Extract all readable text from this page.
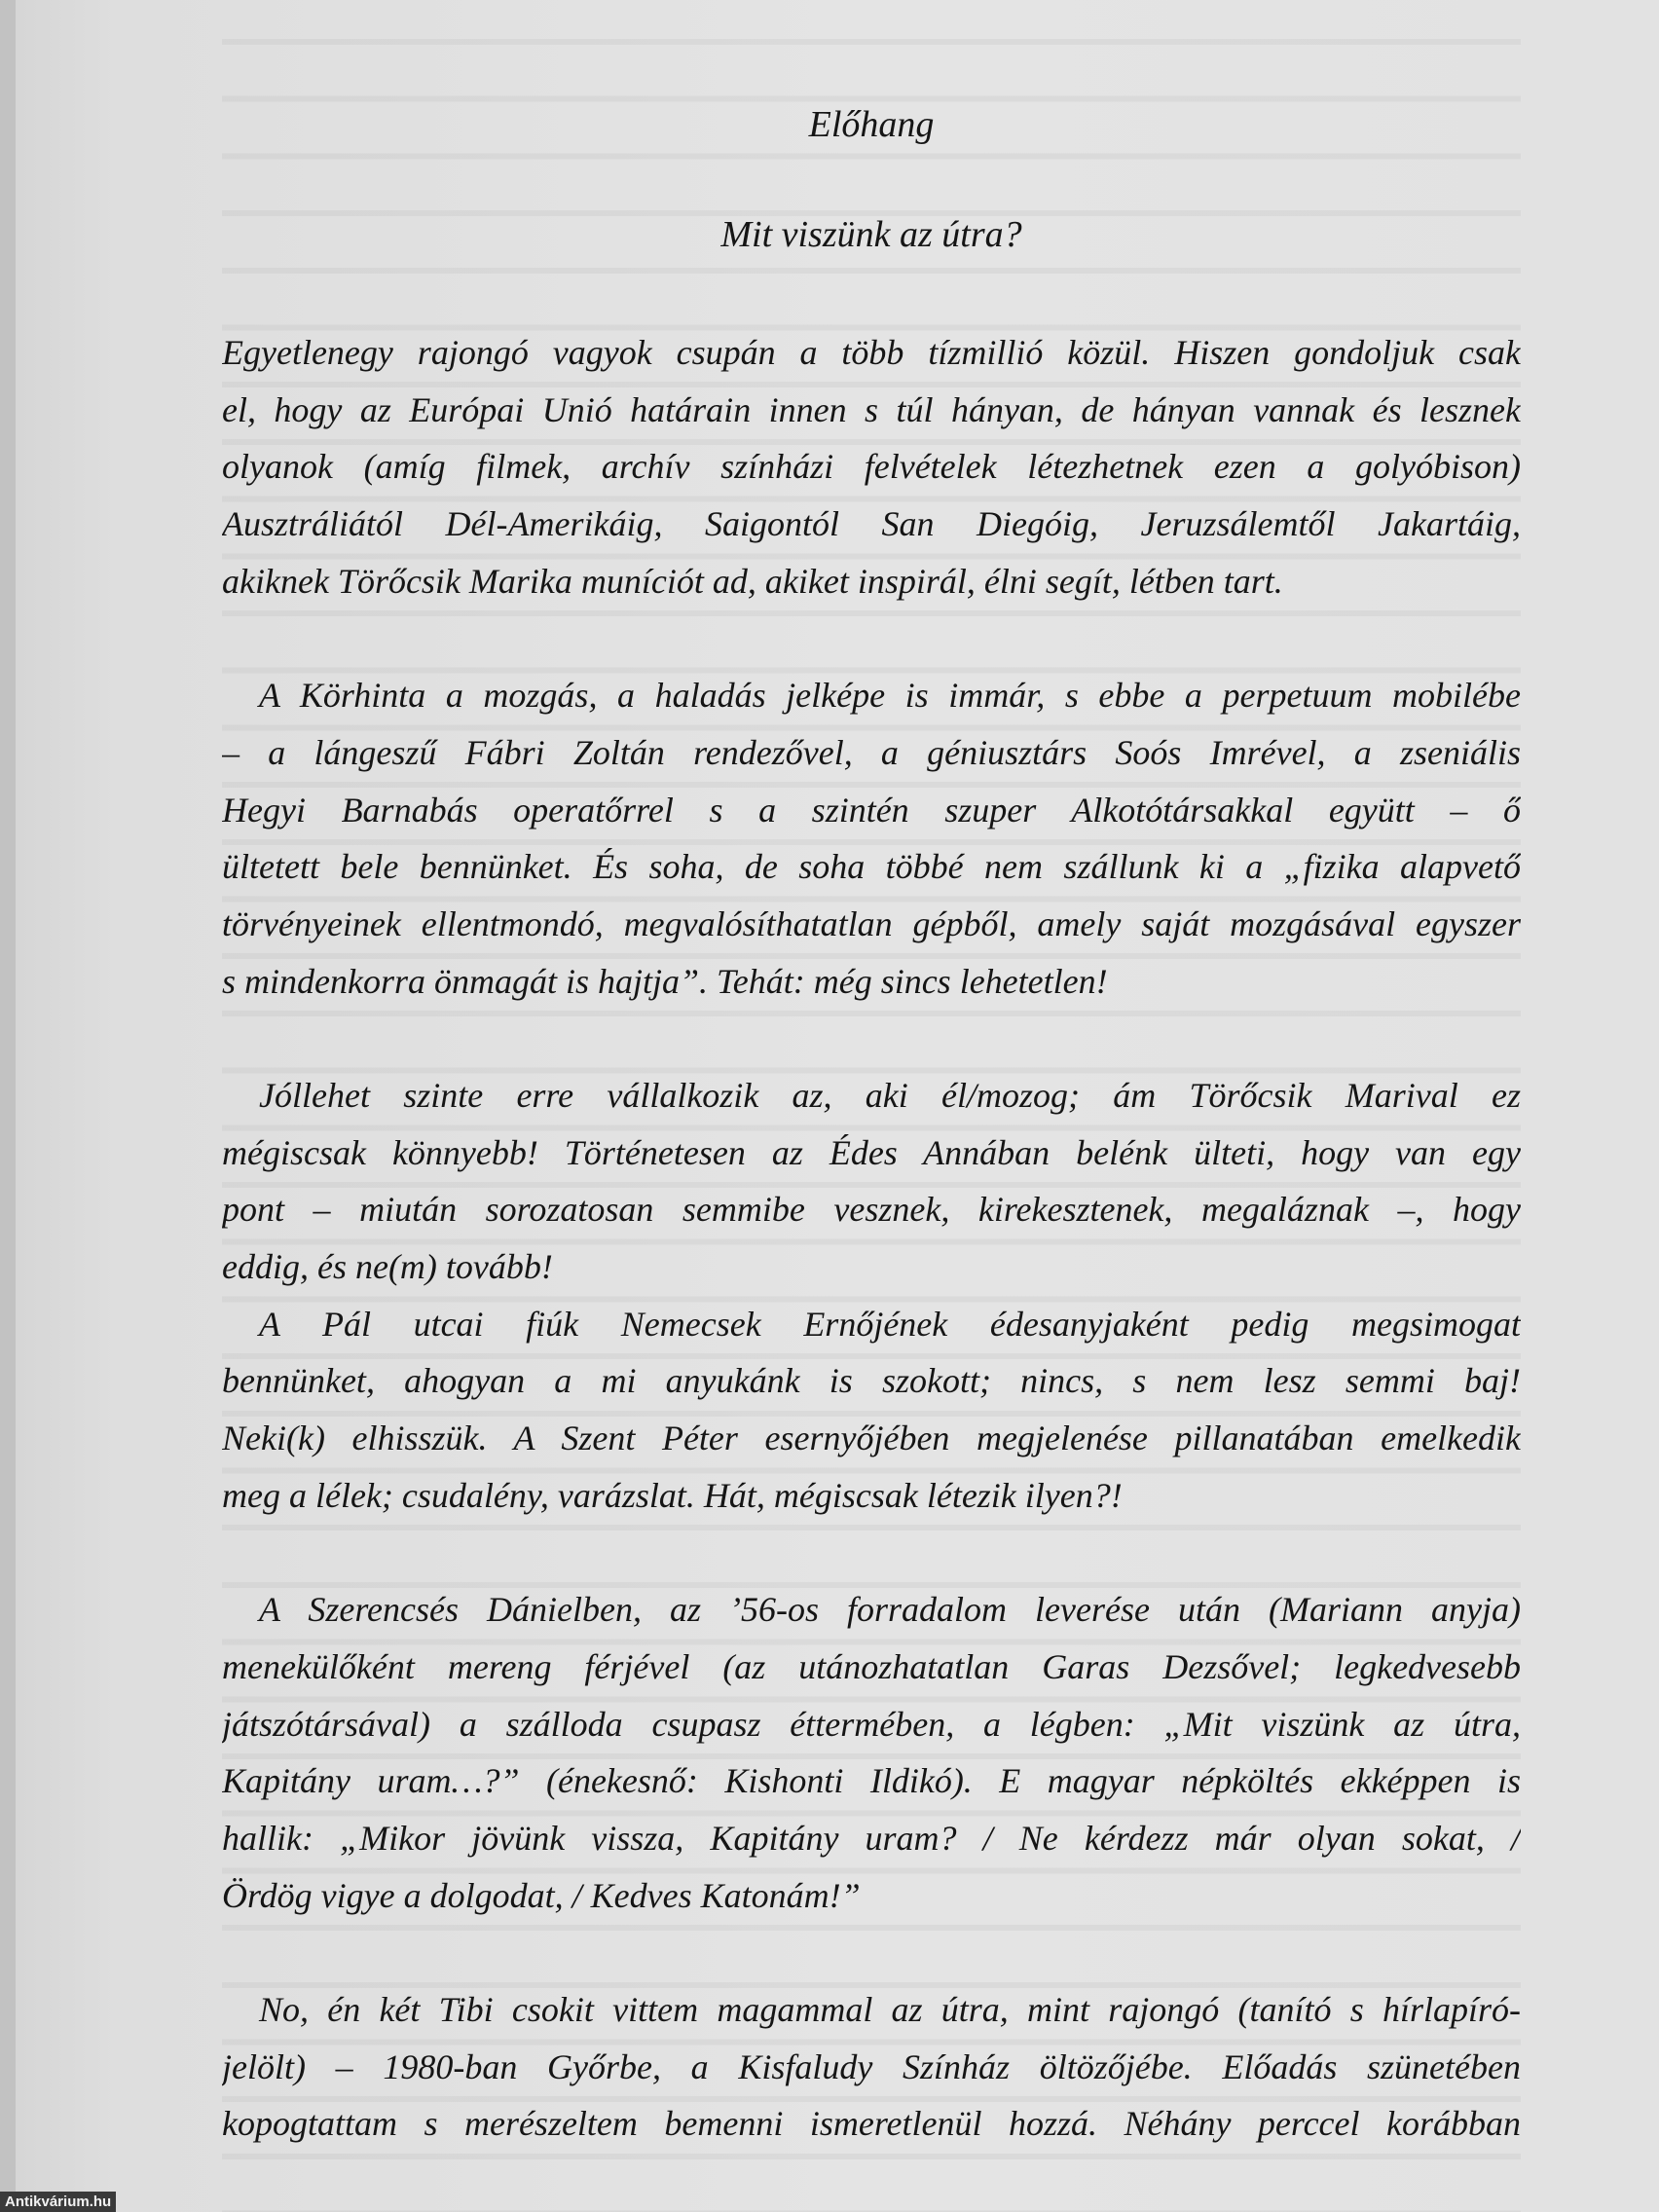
Előhang
Mit viszünk az útra?
Egyetlenegy rajongó vagyok csupán a több tízmillió közül. Hiszen gondoljuk csak
el, hogy az Európai Unió határain innen s túl hányan, de hányan vannak és lesznek
olyanok (amíg filmek, archív színházi felvételek létezhetnek ezen a golyóbison)
Ausztráliától Dél-Amerikáig, Saigontól San Diegóig, Jeruzsálemtől Jakartáig,
akiknek Törőcsik Marika muníciót ad, akiket inspirál, élni segít, létben tart.
A Körhinta a mozgás, a haladás jelképe is immár, s ebbe a perpetuum mobilébe
– a lángeszű Fábri Zoltán rendezővel, a géniusztárs Soós Imrével, a zseniális
Hegyi Barnabás operatőrrel s a szintén szuper Alkotótársakkal együtt – ő
ültetett bele bennünket. És soha, de soha többé nem szállunk ki a „fizika alapvető
törvényeinek ellentmondó, megvalósíthatatlan gépből, amely saját mozgásával egyszer
s mindenkorra önmagát is hajtja”. Tehát: még sincs lehetetlen!
Jóllehet szinte erre vállalkozik az, aki él/mozog; ám Törőcsik Marival ez
mégiscsak könnyebb! Történetesen az Édes Annában belénk ülteti, hogy van egy
pont – miután sorozatosan semmibe vesznek, kirekesztenek, megaláznak –, hogy
eddig, és ne(m) tovább!
A Pál utcai fiúk Nemecsek Ernőjének édesanyjaként pedig megsimogat
bennünket, ahogyan a mi anyukánk is szokott; nincs, s nem lesz semmi baj!
Neki(k) elhisszük. A Szent Péter esernyőjében megjelenése pillanatában emelkedik
meg a lélek; csudalény, varázslat. Hát, mégiscsak létezik ilyen?!
A Szerencsés Dánielben, az ’56-os forradalom leverése után (Mariann anyja)
menekülőként mereng férjével (az utánozhatatlan Garas Dezsővel; legkedvesebb
játszótársával) a szálloda csupasz éttermében, a légben: „Mit viszünk az útra,
Kapitány uram…?” (énekesnő: Kishonti Ildikó). E magyar népköltés ekképpen is
hallik: „Mikor jövünk vissza, Kapitány uram? / Ne kérdezz már olyan sokat, /
Ördög vigye a dolgodat, / Kedves Katonám!”
No, én két Tibi csokit vittem magammal az útra, mint rajongó (tanító s hírlapíró-
jelölt) – 1980-ban Győrbe, a Kisfaludy Színház öltözőjébe. Előadás szünetében
kopogtattam s merészeltem bemenni ismeretlenül hozzá. Néhány perccel korábban
Antikvárium.hu
